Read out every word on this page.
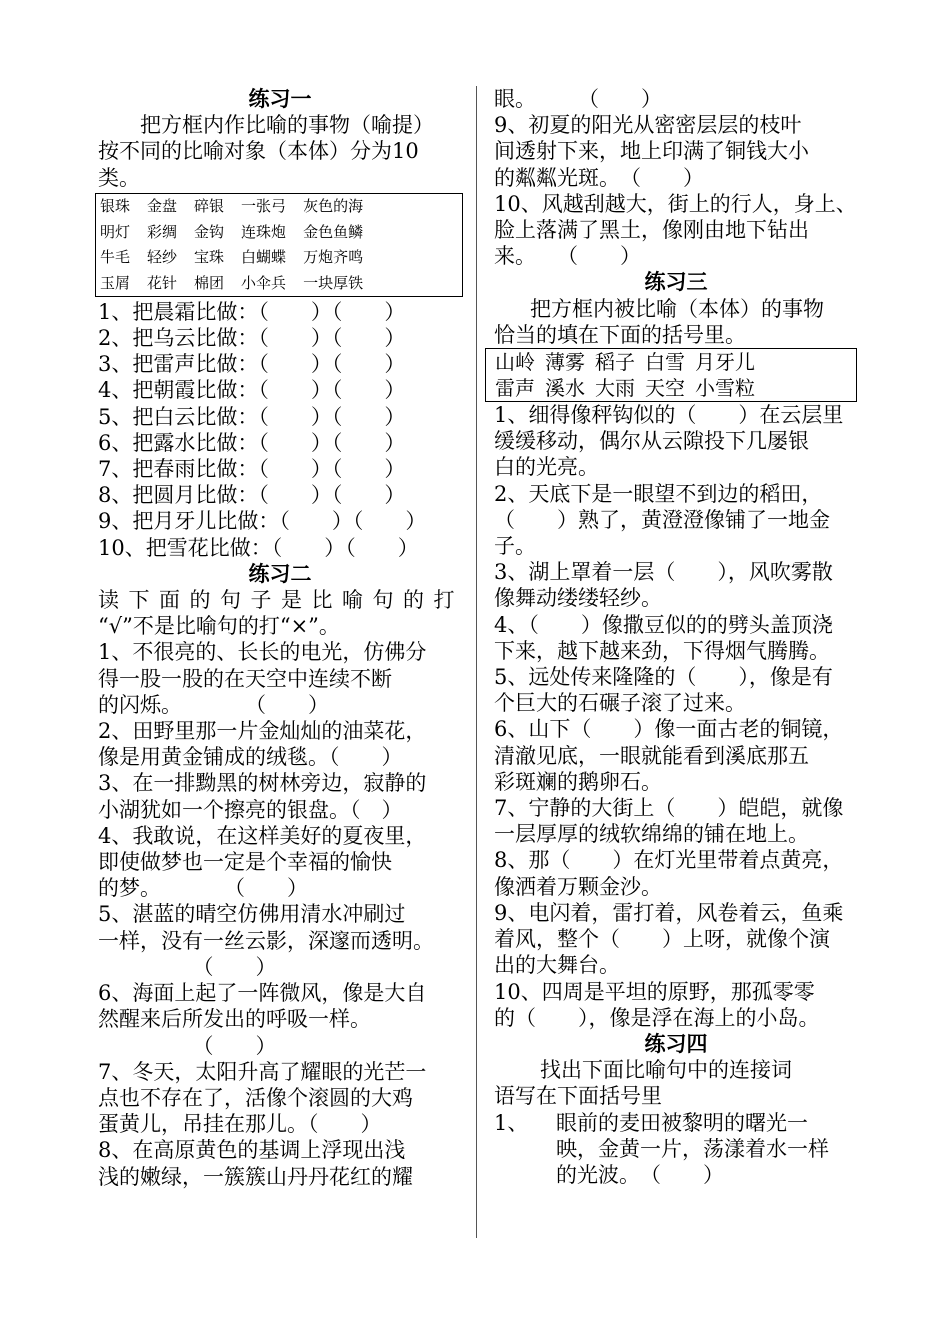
练习一
把方框内作比喻的事物（喻提）
按不同的比喻对象（本体）分为10
类。
银珠 金盘 碎银 一张弓 灰色的海
明灯 彩绸 金钩 连珠炮 金色鱼鳞
牛毛 轻纱 宝珠 白蝴蝶 万炮齐鸣
玉屑 花针 棉团 小伞兵 一块厚铁
1、把晨霜比做：（　　）（　　）
2、把乌云比做：（　　）（　　）
3、把雷声比做：（　　）（　　）
4、把朝霞比做：（　　）（　　）
5、把白云比做：（　　）（　　）
6、把露水比做：（　　）（　　）
7、把春雨比做：（　　）（　　）
8、把圆月比做：（　　）（　　）
9、把月牙儿比做：（　　）（　　）
10、把雪花比做：（　　）（　　）
练习二
读下面的句子是比喻句的打
“√”不是比喻句的打“×”。
1、不很亮的、长长的电光，仿佛分
得一股一股的在天空中连续不断
的闪烁。　　　　（　　）
2、田野里那一片金灿灿的油菜花，
像是用黄金铺成的绒毯。（　　）
3、在一排黝黑的树林旁边，寂静的
小湖犹如一个擦亮的银盘。（　）
4、我敢说，在这样美好的夏夜里，
即使做梦也一定是个幸福的愉快
的梦。　　　　（　　）
5、湛蓝的晴空仿佛用清水冲刷过
一样，没有一丝云影，深邃而透明。
　　　　　（　　）
6、海面上起了一阵微风，像是大自
然醒来后所发出的呼吸一样。
　　　　　（　　）
7、冬天，太阳升高了耀眼的光芒一
点也不存在了，活像个滚圆的大鸡
蛋黄儿，吊挂在那儿。（　　）
8、在高原黄色的基调上浮现出浅
浅的嫩绿，一簇簇山丹丹花红的耀
眼。　　　（　　）
9、初夏的阳光从密密层层的枝叶
间透射下来，地上印满了铜钱大小
的粼粼光斑。　（　　）
10、风越刮越大，街上的行人，身上、
脸上落满了黑土，像刚由地下钻出
来。　　（　　）
练习三
把方框内被比喻（本体）的事物
恰当的填在下面的括号里。
山岭 薄雾 稻子 白雪 月牙儿
雷声 溪水 大雨 天空 小雪粒
1、细得像秤钩似的（　　）在云层里
缓缓移动，偶尔从云隙投下几屡银
白的光亮。
2、天底下是一眼望不到边的稻田，
（　　）熟了，黄澄澄像铺了一地金
子。
3、湖上罩着一层（　　），风吹雾散
像舞动缕缕轻纱。
4、（　　）像撒豆似的的劈头盖顶浇
下来，越下越来劲，下得烟气腾腾。
5、远处传来隆隆的（　　），像是有
个巨大的石碾子滚了过来。
6、山下（　　）像一面古老的铜镜，
清澈见底，一眼就能看到溪底那五
彩斑斓的鹅卵石。
7、宁静的大街上（　　）皑皑，就像
一层厚厚的绒软绵绵的铺在地上。
8、那（　　）在灯光里带着点黄亮，
像洒着万颗金沙。
9、电闪着，雷打着，风卷着云，鱼乘
着风，整个（　　）上呀，就像个演
出的大舞台。
10、四周是平坦的原野，那孤零零
的（　　），像是浮在海上的小岛。
练习四
找出下面比喻句中的连接词
语写在下面括号里
1、	眼前的麦田被黎明的曙光一
映，金黄一片，荡漾着水一样
的光波。　（　　）
